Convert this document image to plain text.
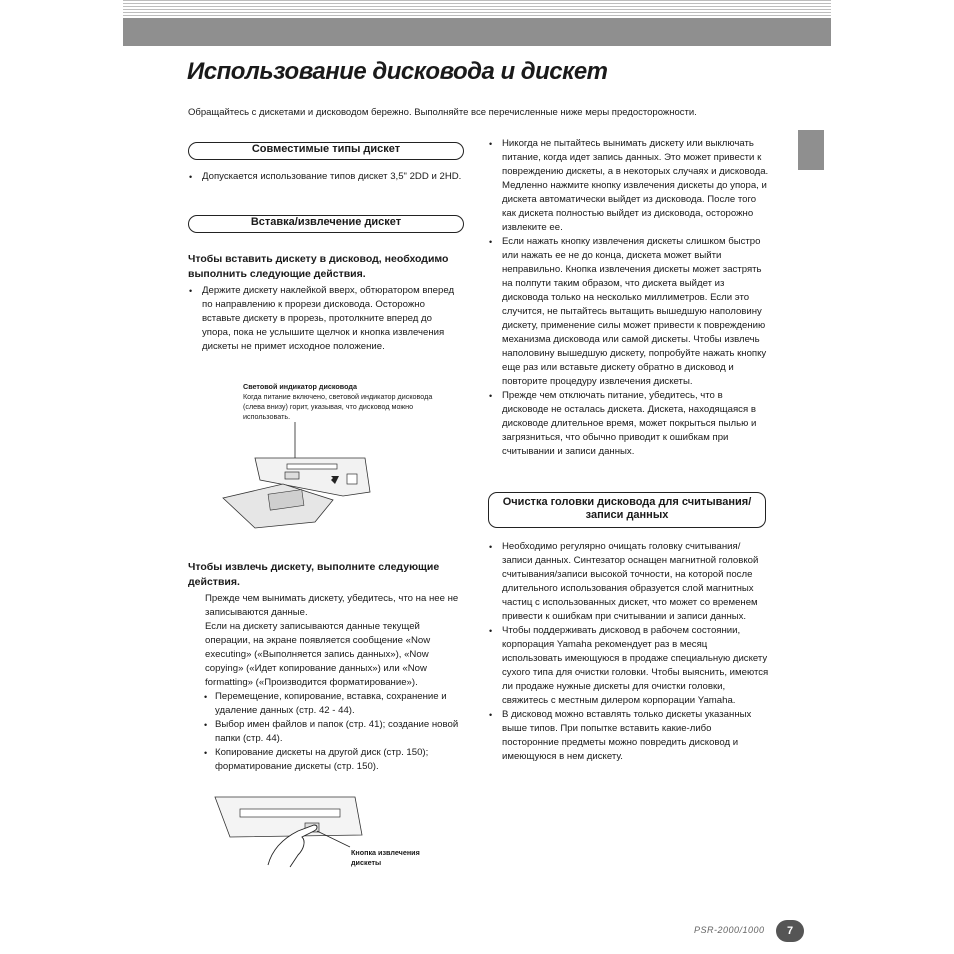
Использование дисковода и дискет
Обращайтесь с дискетами и дисководом бережно. Выполняйте все перечисленные ниже меры предосторожности.
Совместимые типы дискет
• Допускается использование типов дискет 3,5" 2DD и 2HD.
Вставка/извлечение дискет
Чтобы вставить дискету в дисковод, необходимо выполнить следующие действия.
• Держите дискету наклейкой вверх, обтюратором вперед по направлению к прорези дисковода. Осторожно вставьте дискету в прорезь, протолкните вперед до упора, пока не услышите щелчок и кнопка извлечения дискеты не примет исходное положение.
Световой индикатор дисковода
Когда питание включено, световой индикатор дисковода (слева внизу) горит, указывая, что дисковод можно использовать.
Чтобы извлечь дискету, выполните следующие действия.
Прежде чем вынимать дискету, убедитесь, что на нее не записываются данные.
Если на дискету записываются данные текущей операции, на экране появляется сообщение «Now executing» («Выполняется запись данных»), «Now copying» («Идет копирование данных») или «Now formatting» («Производится форматирование»).
• Перемещение, копирование, вставка, сохранение и удаление данных (стр. 42 - 44).
• Выбор имен файлов и папок (стр. 41); создание новой папки (стр. 44).
• Копирование дискеты на другой диск (стр. 150); форматирование дискеты (стр. 150).
Кнопка извлечения дискеты
• Никогда не пытайтесь вынимать дискету или выключать питание, когда идет запись данных. Это может привести к повреждению дискеты, а в некоторых случаях и дисковода. Медленно нажмите кнопку извлечения дискеты до упора, и дискета автоматически выйдет из дисковода. После того как дискета полностью выйдет из дисковода, осторожно извлеките ее.
• Если нажать кнопку извлечения дискеты слишком быстро или нажать ее не до конца, дискета может выйти неправильно. Кнопка извлечения дискеты может застрять на полпути таким образом, что дискета выйдет из дисковода только на несколько миллиметров. Если это случится, не пытайтесь вытащить вышедшую наполовину дискету, применение силы может привести к повреждению механизма дисковода или самой дискеты. Чтобы извлечь наполовину вышедшую дискету, попробуйте нажать кнопку еще раз или вставьте дискету обратно в дисковод и повторите процедуру извлечения дискеты.
• Прежде чем отключать питание, убедитесь, что в дисководе не осталась дискета. Дискета, находящаяся в дисководе длительное время, может покрыться пылью и загрязниться, что обычно приводит к ошибкам при считывании и записи данных.
Очистка головки дисковода для считывания/ записи данных
• Необходимо регулярно очищать головку считывания/записи данных. Синтезатор оснащен магнитной головкой считывания/записи высокой точности, на которой после длительного использования образуется слой магнитных частиц с использованных дискет, что может со временем привести к ошибкам при считывании и записи данных.
• Чтобы поддерживать дисковод в рабочем состоянии, корпорация Yamaha рекомендует раз в месяц использовать имеющуюся в продаже специальную дискету сухого типа для очистки головки. Чтобы выяснить, имеются ли продаже нужные дискеты для очистки головки, свяжитесь с местным дилером корпорации Yamaha.
• В дисковод можно вставлять только дискеты указанных выше типов. При попытке вставить какие-либо посторонние предметы можно повредить дисковод и имеющуюся в нем дискету.
PSR-2000/1000	7
